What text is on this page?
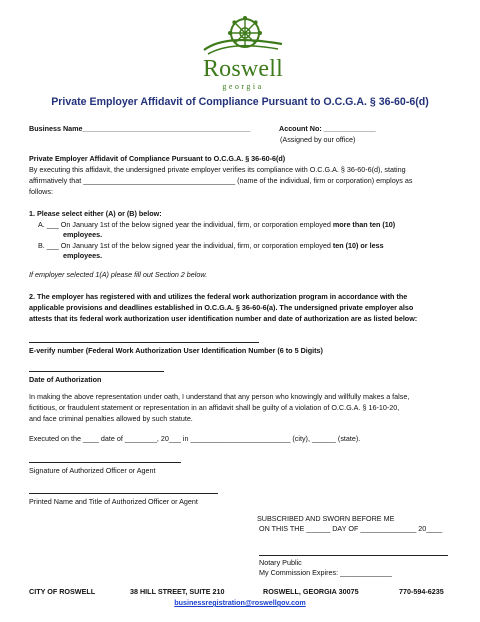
Roswell
georgia
Private Employer Affidavit of Compliance Pursuant to O.C.G.A. § 36-60-6(d)
Business Name__________________________________________	Account No: _____________
(Assigned by our office)
Private Employer Affidavit of Compliance Pursuant to O.C.G.A. § 36-60-6(d)
By executing this affidavit, the undersigned private employer verifies its compliance with O.C.G.A. § 36-60-6(d), stating
affirmatively that ______________________________________ (name of the individual, firm or corporation) employs as
follows:
1. Please select either (A) or (B) below:
A. ___ On January 1st of the below signed year the individual, firm, or corporation employed more than ten (10)
employees.
B. ___ On January 1st of the below signed year the individual, firm, or corporation employed ten (10) or less
employees.
If employer selected 1(A) please fill out Section 2 below.
2. The employer has registered with and utilizes the federal work authorization program in accordance with the
applicable provisions and deadlines established in O.C.G.A. § 36-60-6(a). The undersigned private employer also
attests that its federal work authorization user identification number and date of authorization are as listed below:
E-verify number (Federal Work Authorization User Identification Number (6 to 5 Digits)
Date of Authorization
In making the above representation under oath, I understand that any person who knowingly and willfully makes a false,
fictitious, or fraudulent statement or representation in an affidavit shall be guilty of a violation of O.C.G.A. § 16-10-20,
and face criminal penalties allowed by such statute.
Executed on the ____ date of ________, 20___ in _________________________ (city), ______ (state).
Signature of Authorized Officer or Agent
Printed Name and Title of Authorized Officer or Agent
SUBSCRIBED AND SWORN BEFORE ME
ON THIS THE ______ DAY OF ______________ 20____
Notary Public
My Commission Expires: _____________
CITY OF ROSWELL	38 HILL STREET, SUITE 210	ROSWELL, GEORGIA 30075	770-594-6235
businessregistration@roswellgov.com
